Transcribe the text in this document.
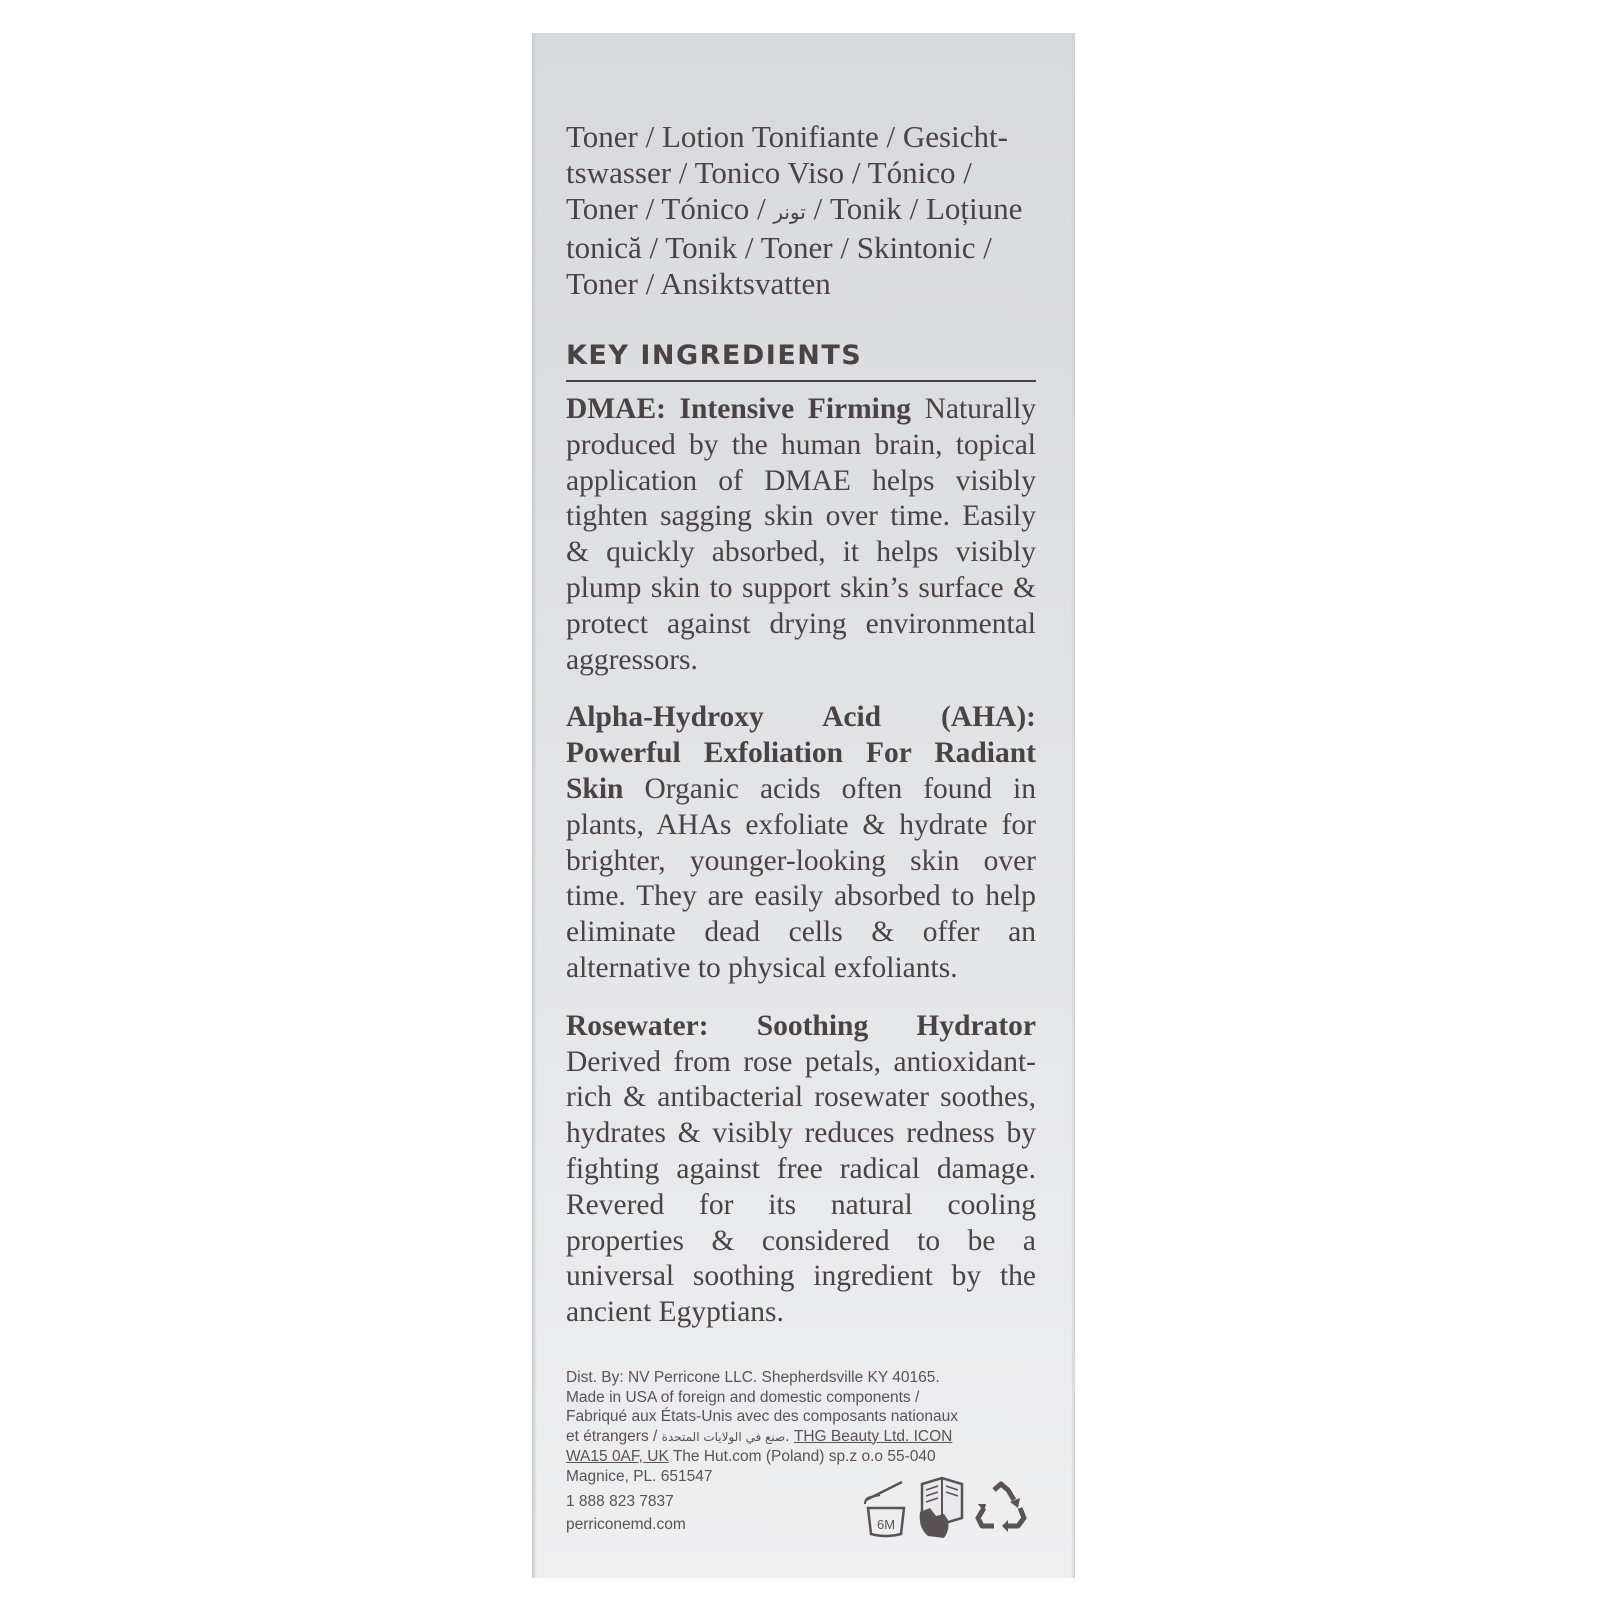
Toner / Lotion Tonifiante / Gesicht-
tswasser / Tonico Viso / Tónico /
Toner / Tónico / تونر / Tonik / Loțiune
tonică / Tonik / Toner / Skintonic /
Toner / Ansiktsvatten

KEY INGREDIENTS
DMAE: Intensive Firming Naturally produced by the human brain, topical application of DMAE helps visibly tighten sagging skin over time. Easily & quickly absorbed, it helps visibly plump skin to support skin’s surface & protect against drying environmental aggressors.
Alpha-Hydroxy Acid (AHA): Powerful Exfoliation For Radiant Skin Organic acids often found in plants, AHAs exfoliate & hydrate for brighter, younger-looking skin over time. They are easily absorbed to help eliminate dead cells & offer an alternative to physical exfoliants.
Rosewater: Soothing Hydrator Derived from rose petals, antioxidant-rich & antibacterial rosewater soothes, hydrates & visibly reduces redness by fighting against free radical damage. Revered for its natural cooling properties & considered to be a universal soothing ingredient by the ancient Egyptians.

Dist. By: NV Perricone LLC. Shepherdsville KY 40165.

Made in USA of foreign and domestic components /

Fabriqué aux États-Unis avec des composants nationaux

et étrangers / صنع في الولايات المتحدة. THG Beauty Ltd. ICON

WA15 0AF, UK The Hut.com (Poland) sp.z o.o 55-040

Magnice, PL. 651547

1 888 823 7837

perriconemd.com	6M
